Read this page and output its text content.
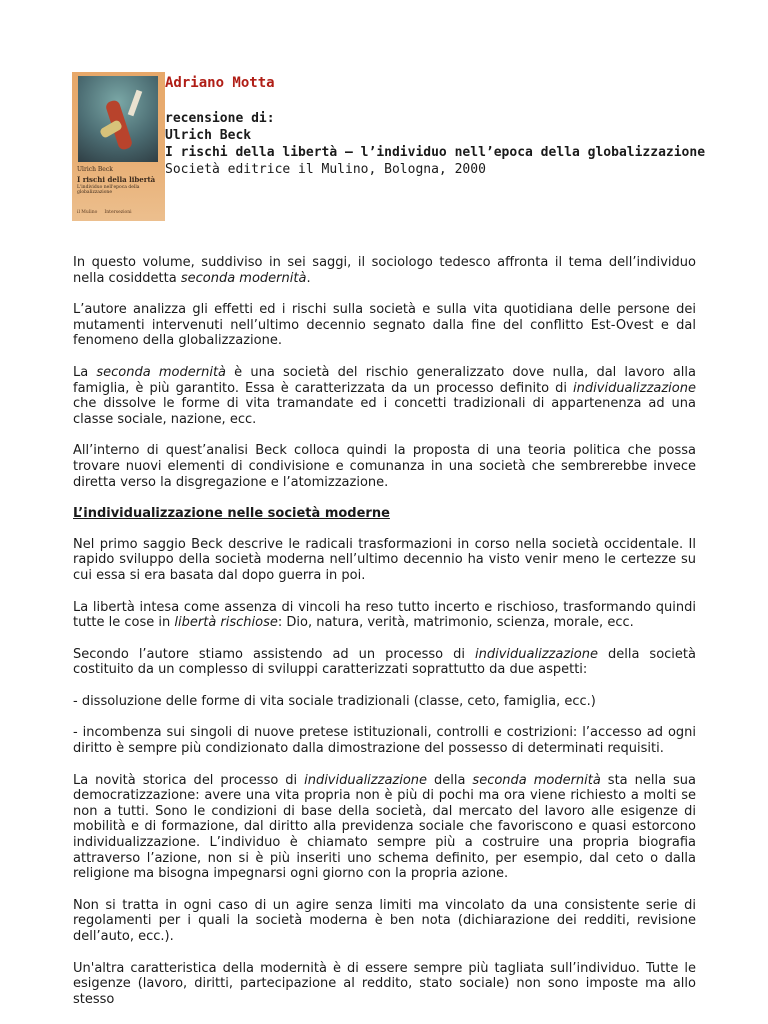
Ulrich Beck
I rischi della libertà
L'individuo nell'epoca della globalizzazione
il Mulino Intersezioni
Adriano Motta
recensione di:
Ulrich Beck
I rischi della libertà – l’individuo nell’epoca della globalizzazione
Società editrice il Mulino, Bologna, 2000

In questo volume, suddiviso in sei saggi, il sociologo tedesco affronta il tema dell’individuo nella cosiddetta seconda modernità.

L’autore analizza gli effetti ed i rischi sulla società e sulla vita quotidiana delle persone dei mutamenti intervenuti nell’ultimo decennio segnato dalla fine del conflitto Est-Ovest e dal fenomeno della globalizzazione.

La seconda modernità è una società del rischio generalizzato dove nulla, dal lavoro alla famiglia, è più garantito. Essa è caratterizzata da un processo definito di individualizzazione che dissolve le forme di vita tramandate ed i concetti tradizionali di appartenenza ad una classe sociale, nazione, ecc.

All’interno di quest’analisi Beck colloca quindi la proposta di una teoria politica che possa trovare nuovi elementi di condivisione e comunanza in una società che sembrerebbe invece diretta verso la disgregazione e l’atomizzazione.

L’individualizzazione nelle società moderne

Nel primo saggio Beck descrive le radicali trasformazioni in corso nella società occidentale. Il rapido sviluppo della società moderna nell’ultimo decennio ha visto venir meno le certezze su cui essa si era basata dal dopo guerra in poi.

La libertà intesa come assenza di vincoli ha reso tutto incerto e rischioso, trasformando quindi tutte le cose in libertà rischiose: Dio, natura, verità, matrimonio, scienza, morale, ecc.

Secondo l’autore stiamo assistendo ad un processo di individualizzazione della società costituito da un complesso di sviluppi caratterizzati soprattutto da due aspetti:

- dissoluzione delle forme di vita sociale tradizionali (classe, ceto, famiglia, ecc.)

- incombenza sui singoli di nuove pretese istituzionali, controlli e costrizioni: l’accesso ad ogni diritto è sempre più condizionato dalla dimostrazione del possesso di determinati requisiti.

La novità storica del processo di individualizzazione della seconda modernità sta nella sua democratizzazione: avere una vita propria non è più di pochi ma ora viene richiesto a molti se non a tutti. Sono le condizioni di base della società, dal mercato del lavoro alle esigenze di mobilità e di formazione, dal diritto alla previdenza sociale che favoriscono e quasi estorcono individualizzazione. L’individuo è chiamato sempre più a costruire una propria biografia attraverso l’azione, non si è più inseriti uno schema definito, per esempio, dal ceto o dalla religione ma bisogna impegnarsi ogni giorno con la propria azione.

Non si tratta in ogni caso di un agire senza limiti ma vincolato da una consistente serie di regolamenti per i quali la società moderna è ben nota (dichiarazione dei redditi, revisione dell’auto, ecc.).

Un'altra caratteristica della modernità è di essere sempre più tagliata sull’individuo. Tutte le esigenze (lavoro, diritti, partecipazione al reddito, stato sociale) non sono imposte ma allo stesso
